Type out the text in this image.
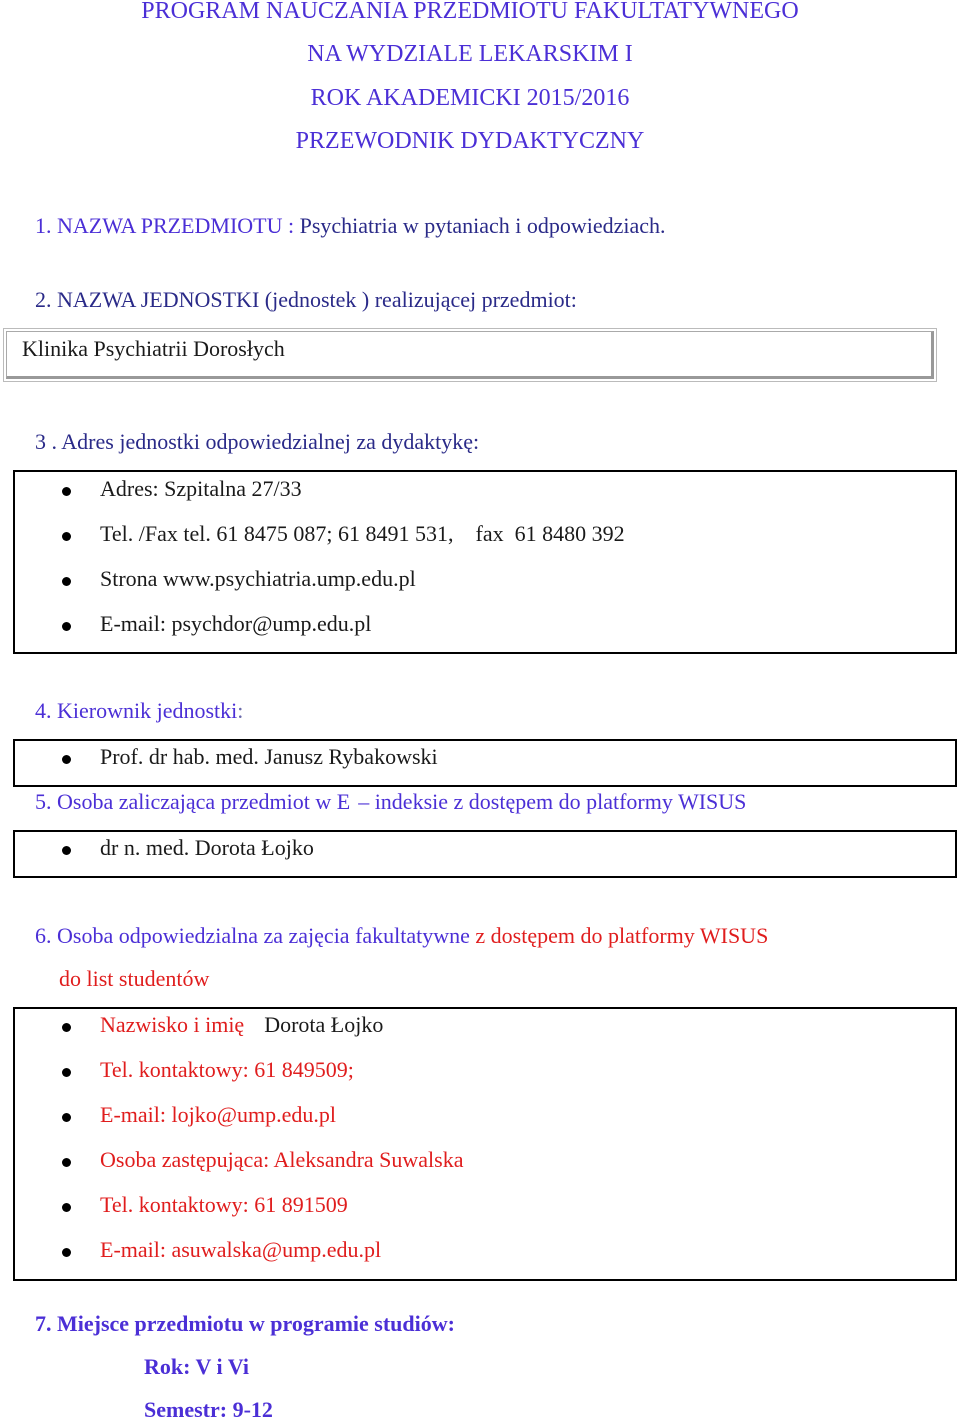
PROGRAM NAUCZANIA PRZEDMIOTU FAKULTATYWNEGO
NA WYDZIALE LEKARSKIM I
ROK AKADEMICKI 2015/2016
PRZEWODNIK DYDAKTYCZNY
1. NAZWA PRZEDMIOTU : Psychiatria w pytaniach i odpowiedziach.
2. NAZWA JEDNOSTKI (jednostek ) realizującej przedmiot:
Klinika Psychiatrii Dorosłych
3 . Adres jednostki odpowiedzialnej za dydaktykę:
Adres: Szpitalna 27/33
Tel. /Fax tel. 61 8475 087; 61 8491 531,    fax  61 8480 392
Strona www.psychiatria.ump.edu.pl
E-mail: psychdor@ump.edu.pl
4. Kierownik jednostki:
Prof. dr hab. med. Janusz Rybakowski
5. Osoba zaliczająca przedmiot w E – indeksie z dostępem do platformy WISUS
dr n. med. Dorota Łojko
6. Osoba odpowiedzialna za zajęcia fakultatywne z dostępem do platformy WISUS
do list studentów
Nazwisko i imię Dorota Łojko
Tel. kontaktowy: 61 849509;
E-mail: lojko@ump.edu.pl
Osoba zastępująca: Aleksandra Suwalska
Tel. kontaktowy: 61 891509
E-mail: asuwalska@ump.edu.pl
7. Miejsce przedmiotu w programie studiów:
Rok: V i Vi
Semestr: 9-12
